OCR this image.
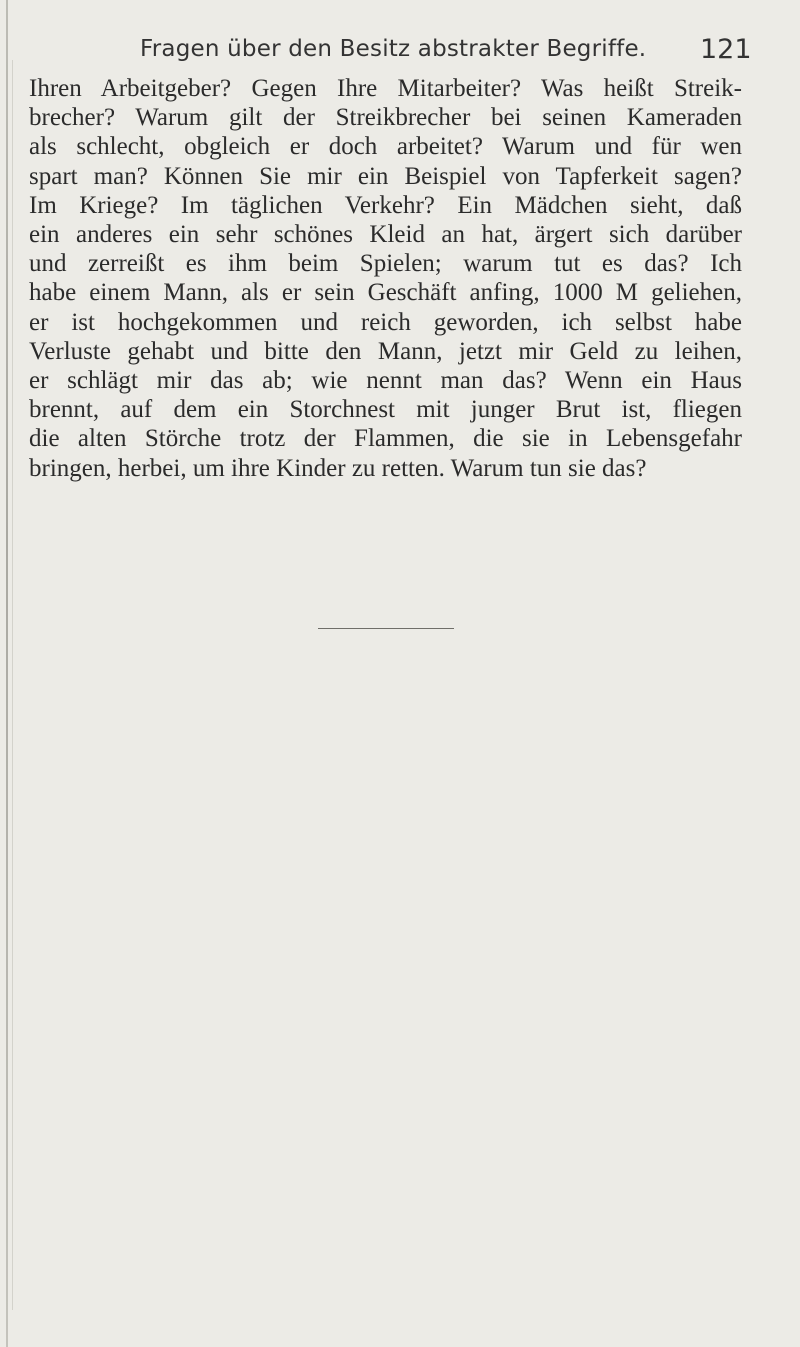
Fragen über den Besitz abstrakter Begriffe. 121
Ihren Arbeitgeber? Gegen Ihre Mitarbeiter? Was heißt Streik-
brecher? Warum gilt der Streikbrecher bei seinen Kameraden
als schlecht, obgleich er doch arbeitet? Warum und für wen
spart man? Können Sie mir ein Beispiel von Tapferkeit sagen?
Im Kriege? Im täglichen Verkehr? Ein Mädchen sieht, daß
ein anderes ein sehr schönes Kleid an hat, ärgert sich darüber
und zerreißt es ihm beim Spielen; warum tut es das? Ich
habe einem Mann, als er sein Geschäft anfing, 1000 M geliehen,
er ist hochgekommen und reich geworden, ich selbst habe
Verluste gehabt und bitte den Mann, jetzt mir Geld zu leihen,
er schlägt mir das ab; wie nennt man das? Wenn ein Haus
brennt, auf dem ein Storchnest mit junger Brut ist, fliegen
die alten Störche trotz der Flammen, die sie in Lebensgefahr
bringen, herbei, um ihre Kinder zu retten. Warum tun sie das?
